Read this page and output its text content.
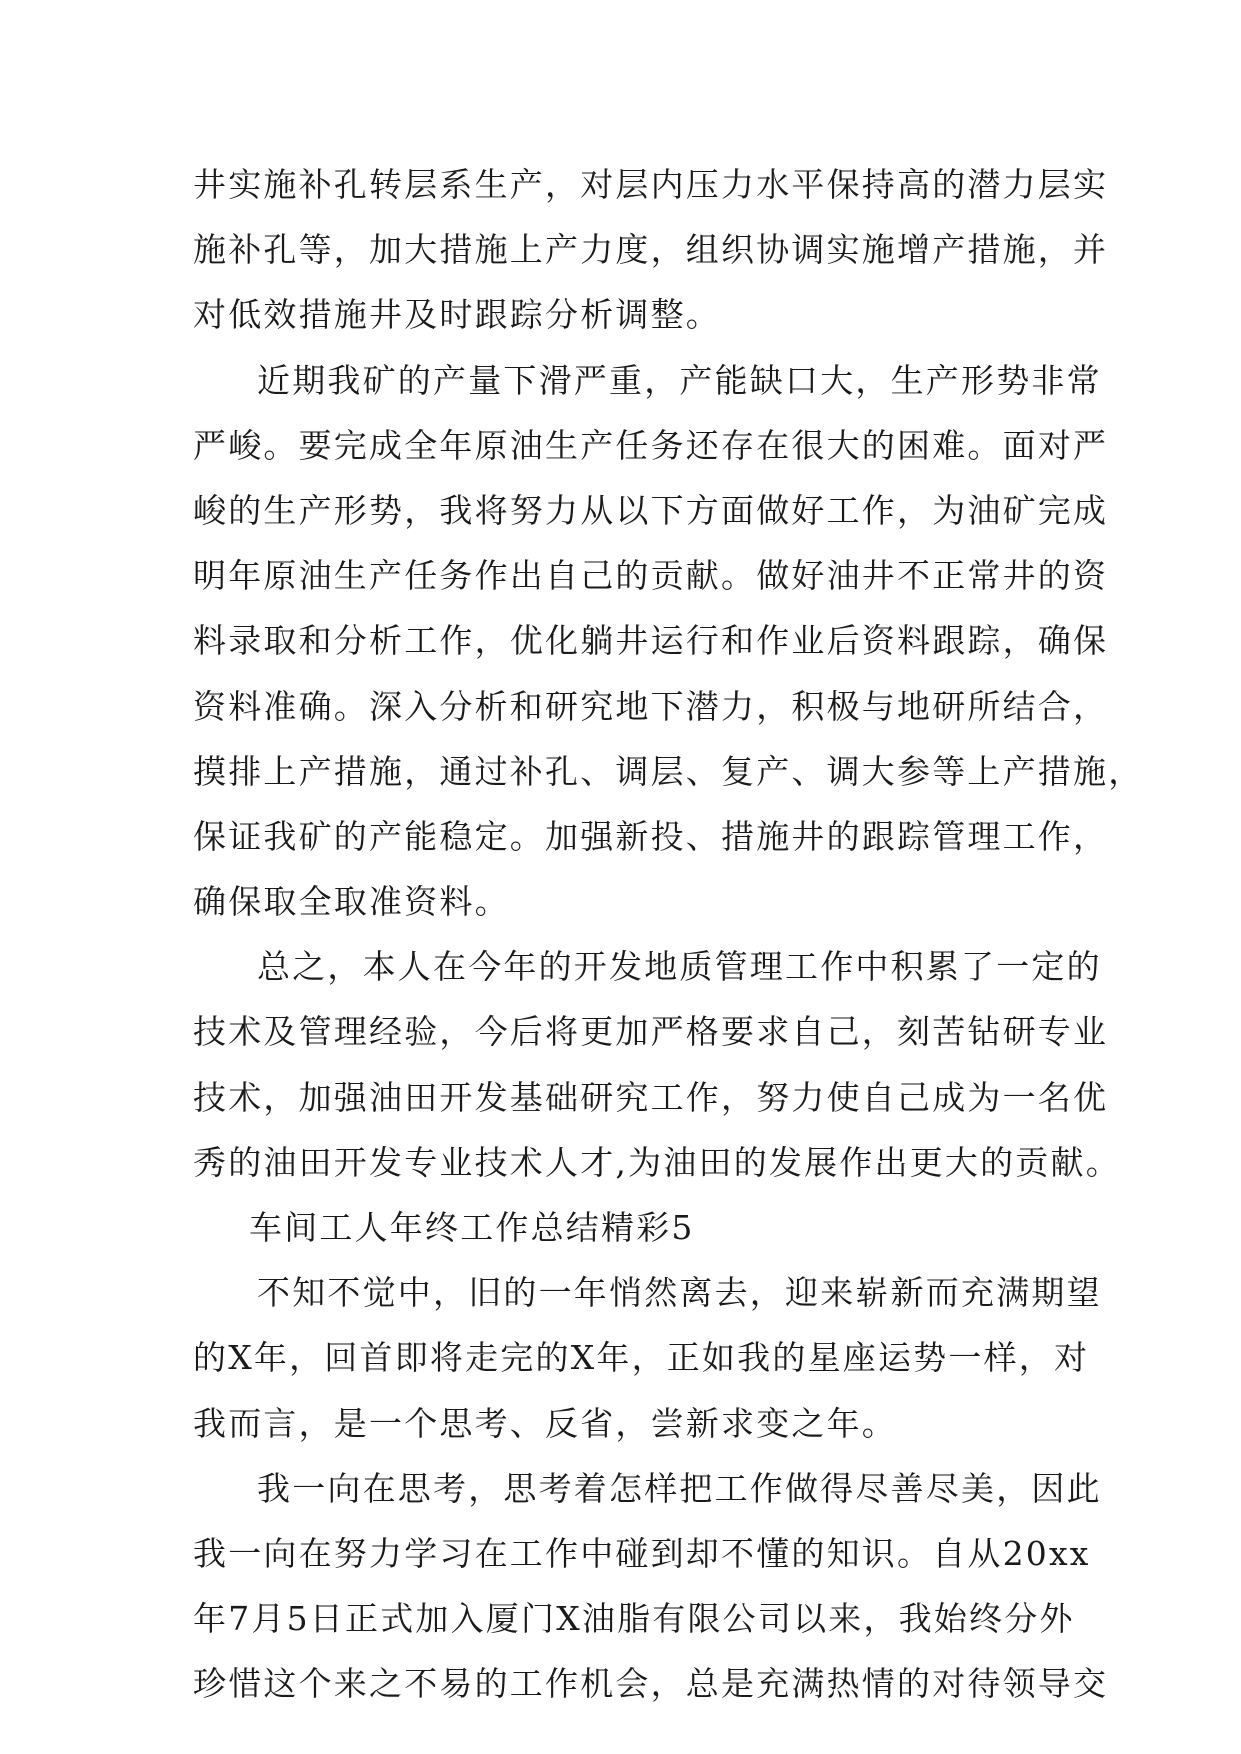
井实施补孔转层系生产，对层内压力水平保持高的潜力层实
施补孔等，加大措施上产力度，组织协调实施增产措施，并
对低效措施井及时跟踪分析调整。
近期我矿的产量下滑严重，产能缺口大，生产形势非常
严峻。要完成全年原油生产任务还存在很大的困难。面对严
峻的生产形势，我将努力从以下方面做好工作，为油矿完成
明年原油生产任务作出自己的贡献。做好油井不正常井的资
料录取和分析工作，优化躺井运行和作业后资料跟踪，确保
资料准确。深入分析和研究地下潜力，积极与地研所结合，
摸排上产措施，通过补孔、调层、复产、调大参等上产措施，
保证我矿的产能稳定。加强新投、措施井的跟踪管理工作，
确保取全取准资料。
总之，本人在今年的开发地质管理工作中积累了一定的
技术及管理经验，今后将更加严格要求自己，刻苦钻研专业
技术，加强油田开发基础研究工作，努力使自己成为一名优
秀的油田开发专业技术人才,为油田的发展作出更大的贡献。
车间工人年终工作总结精彩5
不知不觉中，旧的一年悄然离去，迎来崭新而充满期望
的X年，回首即将走完的X年，正如我的星座运势一样，对
我而言，是一个思考、反省，尝新求变之年。
我一向在思考，思考着怎样把工作做得尽善尽美，因此
我一向在努力学习在工作中碰到却不懂的知识。自从20xx
年7月5日正式加入厦门X油脂有限公司以来，我始终分外
珍惜这个来之不易的工作机会，总是充满热情的对待领导交
